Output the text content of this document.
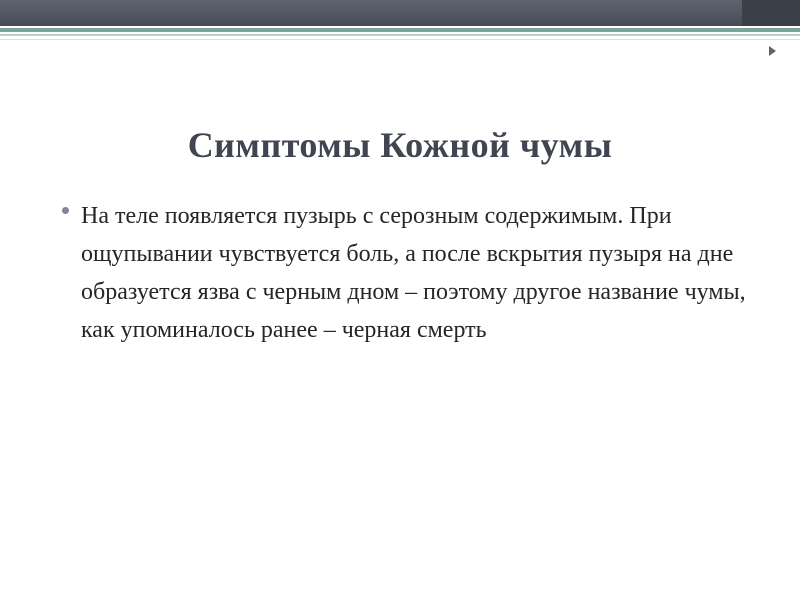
Симптомы Кожной чумы
На теле появляется пузырь с серозным содержимым. При ощупывании чувствуется боль, а после вскрытия пузыря на дне образуется язва с черным дном – поэтому другое название чумы, как упоминалось ранее – черная смерть
